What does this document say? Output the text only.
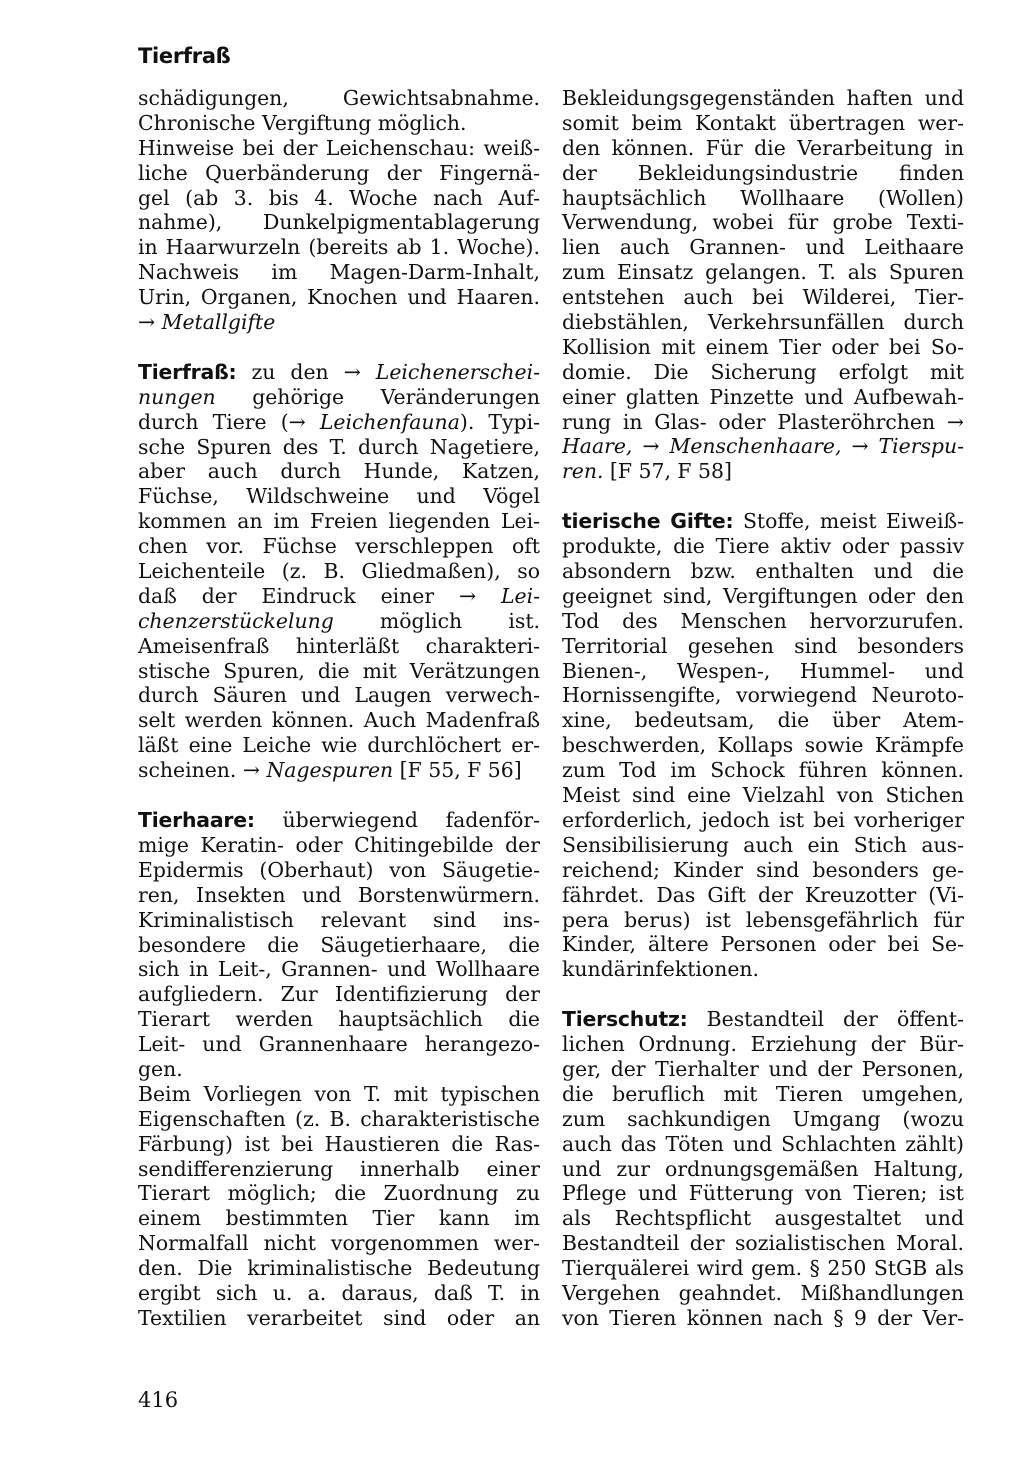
Tierfraß
schädigungen, Gewichtsabnahme.
Chronische Vergiftung möglich.
Hinweise bei der Leichenschau: weiß-
liche Querbänderung der Fingernä-
gel (ab 3. bis 4. Woche nach Auf-
nahme), Dunkelpigmentablagerung
in Haarwurzeln (bereits ab 1. Woche).
Nachweis im Magen-Darm-Inhalt,
Urin, Organen, Knochen und Haaren.
→ Metallgifte
Tierfraß: zu den → Leichenerschei-
nungen gehörige Veränderungen
durch Tiere (→ Leichenfauna). Typi-
sche Spuren des T. durch Nagetiere,
aber auch durch Hunde, Katzen,
Füchse, Wildschweine und Vögel
kommen an im Freien liegenden Lei-
chen vor. Füchse verschleppen oft
Leichenteile (z. B. Gliedmaßen), so
daß der Eindruck einer → Lei-
chenzerstückelung möglich ist.
Ameisenfraß hinterläßt charakteri-
stische Spuren, die mit Verätzungen
durch Säuren und Laugen verwech-
selt werden können. Auch Madenfraß
läßt eine Leiche wie durchlöchert er-
scheinen. → Nagespuren [F 55, F 56]
Tierhaare: überwiegend fadenför-
mige Keratin- oder Chitingebilde der
Epidermis (Oberhaut) von Säugetie-
ren, Insekten und Borstenwürmern.
Kriminalistisch relevant sind ins-
besondere die Säugetierhaare, die
sich in Leit-, Grannen- und Wollhaare
aufgliedern. Zur Identifizierung der
Tierart werden hauptsächlich die
Leit- und Grannenhaare herangezo-
gen.
Beim Vorliegen von T. mit typischen
Eigenschaften (z. B. charakteristische
Färbung) ist bei Haustieren die Ras-
sendifferenzierung innerhalb einer
Tierart möglich; die Zuordnung zu
einem bestimmten Tier kann im
Normalfall nicht vorgenommen wer-
den. Die kriminalistische Bedeutung
ergibt sich u. a. daraus, daß T. in
Textilien verarbeitet sind oder an
Bekleidungsgegenständen haften und
somit beim Kontakt übertragen wer-
den können. Für die Verarbeitung in
der Bekleidungsindustrie finden
hauptsächlich Wollhaare (Wollen)
Verwendung, wobei für grobe Texti-
lien auch Grannen- und Leithaare
zum Einsatz gelangen. T. als Spuren
entstehen auch bei Wilderei, Tier-
diebstählen, Verkehrsunfällen durch
Kollision mit einem Tier oder bei So-
domie. Die Sicherung erfolgt mit
einer glatten Pinzette und Aufbewah-
rung in Glas- oder Plasteröhrchen →
Haare, → Menschenhaare, → Tierspu-
ren. [F 57, F 58]
tierische Gifte: Stoffe, meist Eiweiß-
produkte, die Tiere aktiv oder passiv
absondern bzw. enthalten und die
geeignet sind, Vergiftungen oder den
Tod des Menschen hervorzurufen.
Territorial gesehen sind besonders
Bienen-, Wespen-, Hummel- und
Hornissengifte, vorwiegend Neuroto-
xine, bedeutsam, die über Atem-
beschwerden, Kollaps sowie Krämpfe
zum Tod im Schock führen können.
Meist sind eine Vielzahl von Stichen
erforderlich, jedoch ist bei vorheriger
Sensibilisierung auch ein Stich aus-
reichend; Kinder sind besonders ge-
fährdet. Das Gift der Kreuzotter (Vi-
pera berus) ist lebensgefährlich für
Kinder, ältere Personen oder bei Se-
kundärinfektionen.
Tierschutz: Bestandteil der öffent-
lichen Ordnung. Erziehung der Bür-
ger, der Tierhalter und der Personen,
die beruflich mit Tieren umgehen,
zum sachkundigen Umgang (wozu
auch das Töten und Schlachten zählt)
und zur ordnungsgemäßen Haltung,
Pflege und Fütterung von Tieren; ist
als Rechtspflicht ausgestaltet und
Bestandteil der sozialistischen Moral.
Tierquälerei wird gem. § 250 StGB als
Vergehen geahndet. Mißhandlungen
von Tieren können nach § 9 der Ver-
416
